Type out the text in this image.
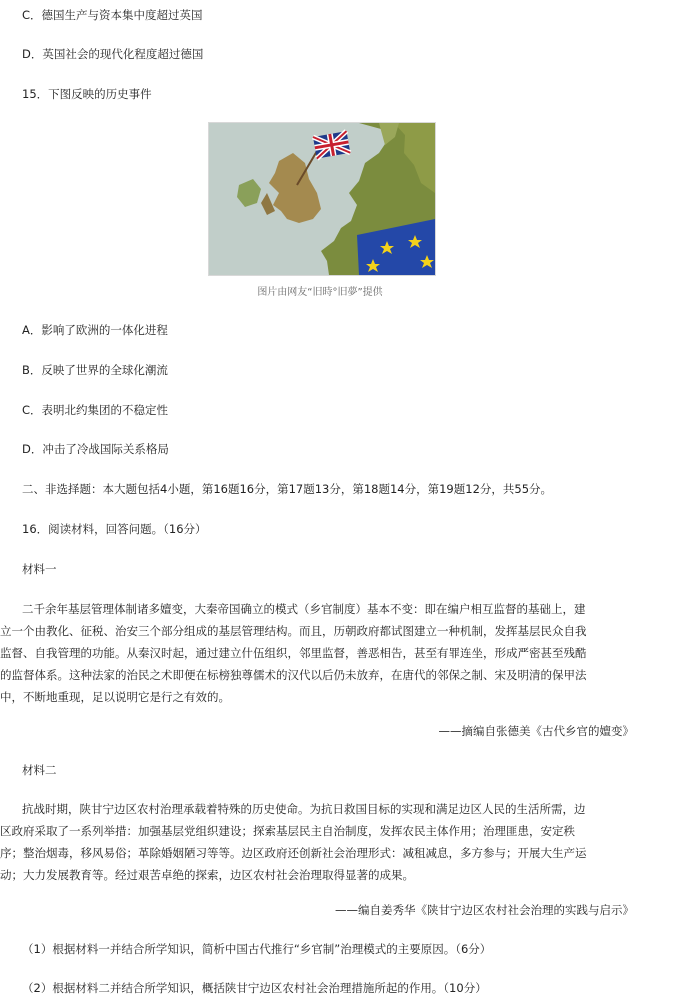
C．德国生产与资本集中度超过英国
D．英国社会的现代化程度超过德国
15．下图反映的历史事件
图片由网友“旧時°旧夢”提供
A．影响了欧洲的一体化进程
B．反映了世界的全球化潮流
C．表明北约集团的不稳定性
D．冲击了冷战国际关系格局
二、非选择题：本大题包括4小题，第16题16分，第17题13分，第18题14分，第19题12分，共55分。
16．阅读材料，回答问题。（16分）
材料一
二千余年基层管理体制诸多嬗变，大秦帝国确立的模式（乡官制度）基本不变：即在编户相互监督的基础上，建
立一个由教化、征税、治安三个部分组成的基层管理结构。而且，历朝政府都试图建立一种机制，发挥基层民众自我
监督、自我管理的功能。从秦汉时起，通过建立什伍组织，邻里监督，善恶相告，甚至有罪连坐，形成严密甚至残酷
的监督体系。这种法家的治民之术即便在标榜独尊儒术的汉代以后仍未放弃，在唐代的邻保之制、宋及明清的保甲法
中，不断地重现，足以说明它是行之有效的。
——摘编自张德美《古代乡官的嬗变》
材料二
抗战时期，陕甘宁边区农村治理承载着特殊的历史使命。为抗日救国目标的实现和满足边区人民的生活所需，边
区政府采取了一系列举措：加强基层党组织建设；探索基层民主自治制度，发挥农民主体作用；治理匪患，安定秩
序；整治烟毒，移风易俗；革除婚姻陋习等等。边区政府还创新社会治理形式：减租减息，多方参与；开展大生产运
动；大力发展教育等。经过艰苦卓绝的探索，边区农村社会治理取得显著的成果。
——编自姜秀华《陕甘宁边区农村社会治理的实践与启示》
（1）根据材料一并结合所学知识，简析中国古代推行“乡官制”治理模式的主要原因。（6分）
（2）根据材料二并结合所学知识，概括陕甘宁边区农村社会治理措施所起的作用。（10分）
